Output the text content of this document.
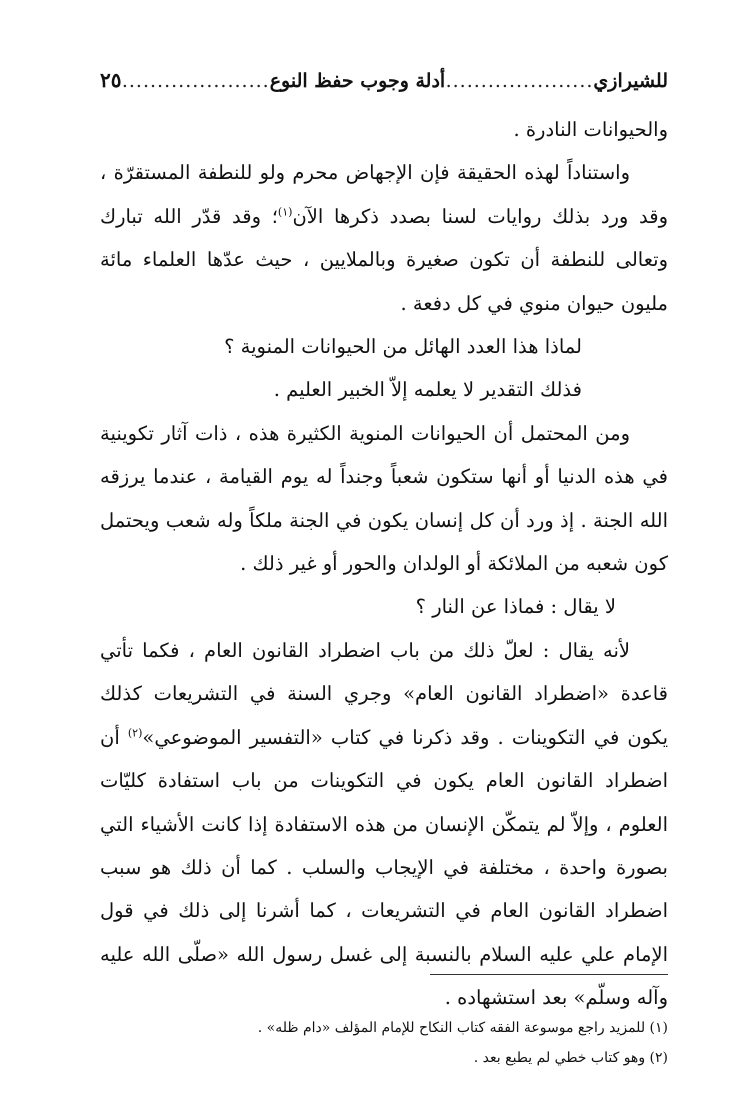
للشيرازي
.....
أدلة وجوب حفظ النوع
.....
٢٥

والحيوانات النادرة .

واستناداً لهذه الحقيقة فإن الإجهاض محرم ولو للنطفة المستقرّة ، وقد ورد بذلك روايات لسنا بصدد ذكرها الآن$^{(١)}$؛ وقد قدّر الله تبارك وتعالى للنطفة أن تكون صغيرة وبالملايين ، حيث عدّها العلماء مائة مليون حيوان منوي في كل دفعة .

لماذا هذا العدد الهائل من الحيوانات المنوية ؟

فذلك التقدير لا يعلمه إلاّ الخبير العليم .

ومن المحتمل أن الحيوانات المنوية الكثيرة هذه ، ذات آثار تكوينية في هذه الدنيا أو أنها ستكون شعباً وجنداً له يوم القيامة ، عندما يرزقه الله الجنة . إذ ورد أن كل إنسان يكون في الجنة ملكاً وله شعب ويحتمل كون شعبه من الملائكة أو الولدان والحور أو غير ذلك .

لا يقال : فماذا عن النار ؟

لأنه يقال : لعلّ ذلك من باب اضطراد القانون العام ، فكما تأتي قاعدة «اضطراد القانون العام» وجري السنة في التشريعات كذلك يكون في التكوينات . وقد ذكرنا في كتاب «التفسير الموضوعي»$^{(٢)}$ أن اضطراد القانون العام يكون في التكوينات من باب استفادة كليّات العلوم ، وإلاّ لم يتمكّن الإنسان من هذه الاستفادة إذا كانت الأشياء التي بصورة واحدة ، مختلفة في الإيجاب والسلب . كما أن ذلك هو سبب اضطراد القانون العام في التشريعات ، كما أشرنا إلى ذلك في قول الإمام علي عليه السلام بالنسبة إلى غسل رسول الله «صلّى الله عليه وآله وسلّم» بعد استشهاده .

(١) للمزيد راجع موسوعة الفقه كتاب النكاح للإمام المؤلف «دام ظله» .

(٢) وهو كتاب خطي لم يطبع بعد .
